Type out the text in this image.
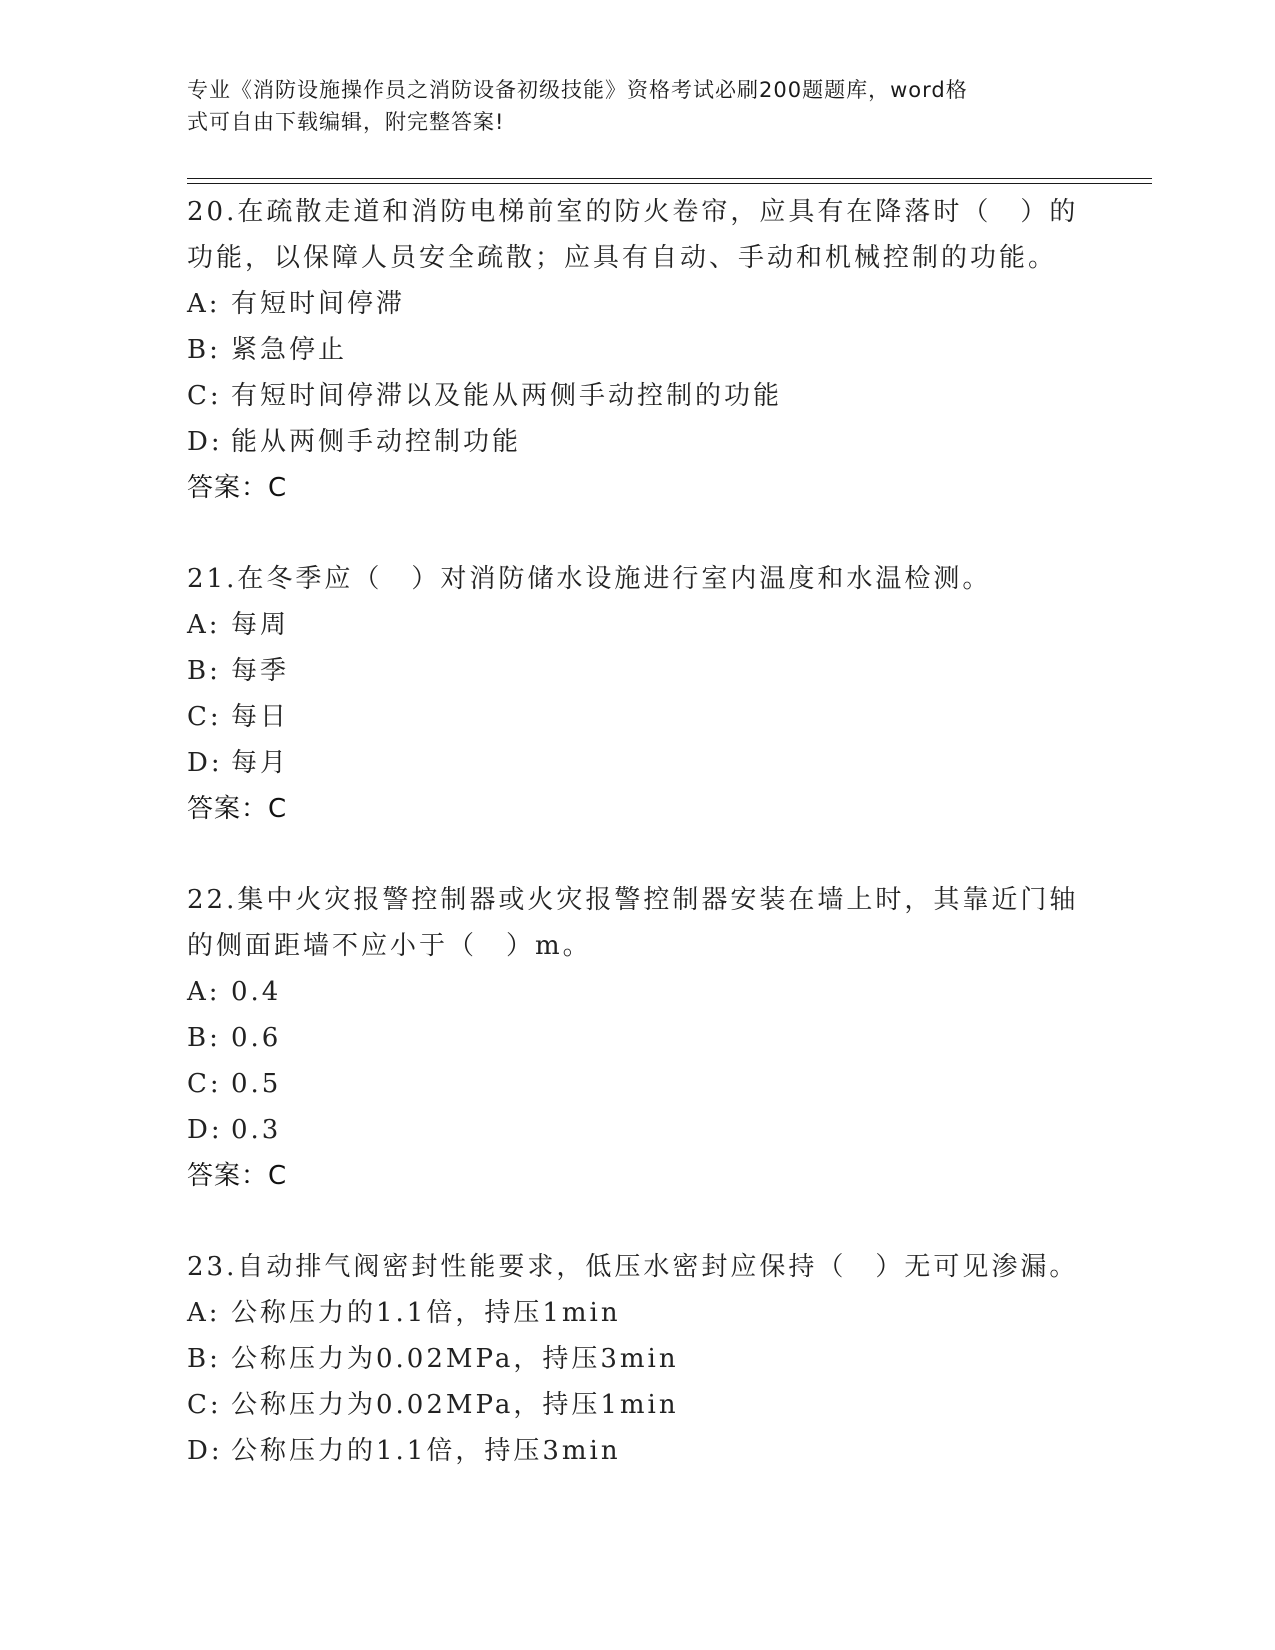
专业《消防设施操作员之消防设备初级技能》资格考试必刷200题题库，word格
式可自由下载编辑，附完整答案!
20.在疏散走道和消防电梯前室的防火卷帘，应具有在降落时（　）的
功能，以保障人员安全疏散；应具有自动、手动和机械控制的功能。
A: 有短时间停滞
B: 紧急停止
C: 有短时间停滞以及能从两侧手动控制的功能
D: 能从两侧手动控制功能
答案：C
21.在冬季应（　）对消防储水设施进行室内温度和水温检测。
A: 每周
B: 每季
C: 每日
D: 每月
答案：C
22.集中火灾报警控制器或火灾报警控制器安装在墙上时，其靠近门轴
的侧面距墙不应小于（　）m。
A: 0.4
B: 0.6
C: 0.5
D: 0.3
答案：C
23.自动排气阀密封性能要求，低压水密封应保持（　）无可见渗漏。
A: 公称压力的1.1倍，持压1min
B: 公称压力为0.02MPa，持压3min
C: 公称压力为0.02MPa，持压1min
D: 公称压力的1.1倍，持压3min
